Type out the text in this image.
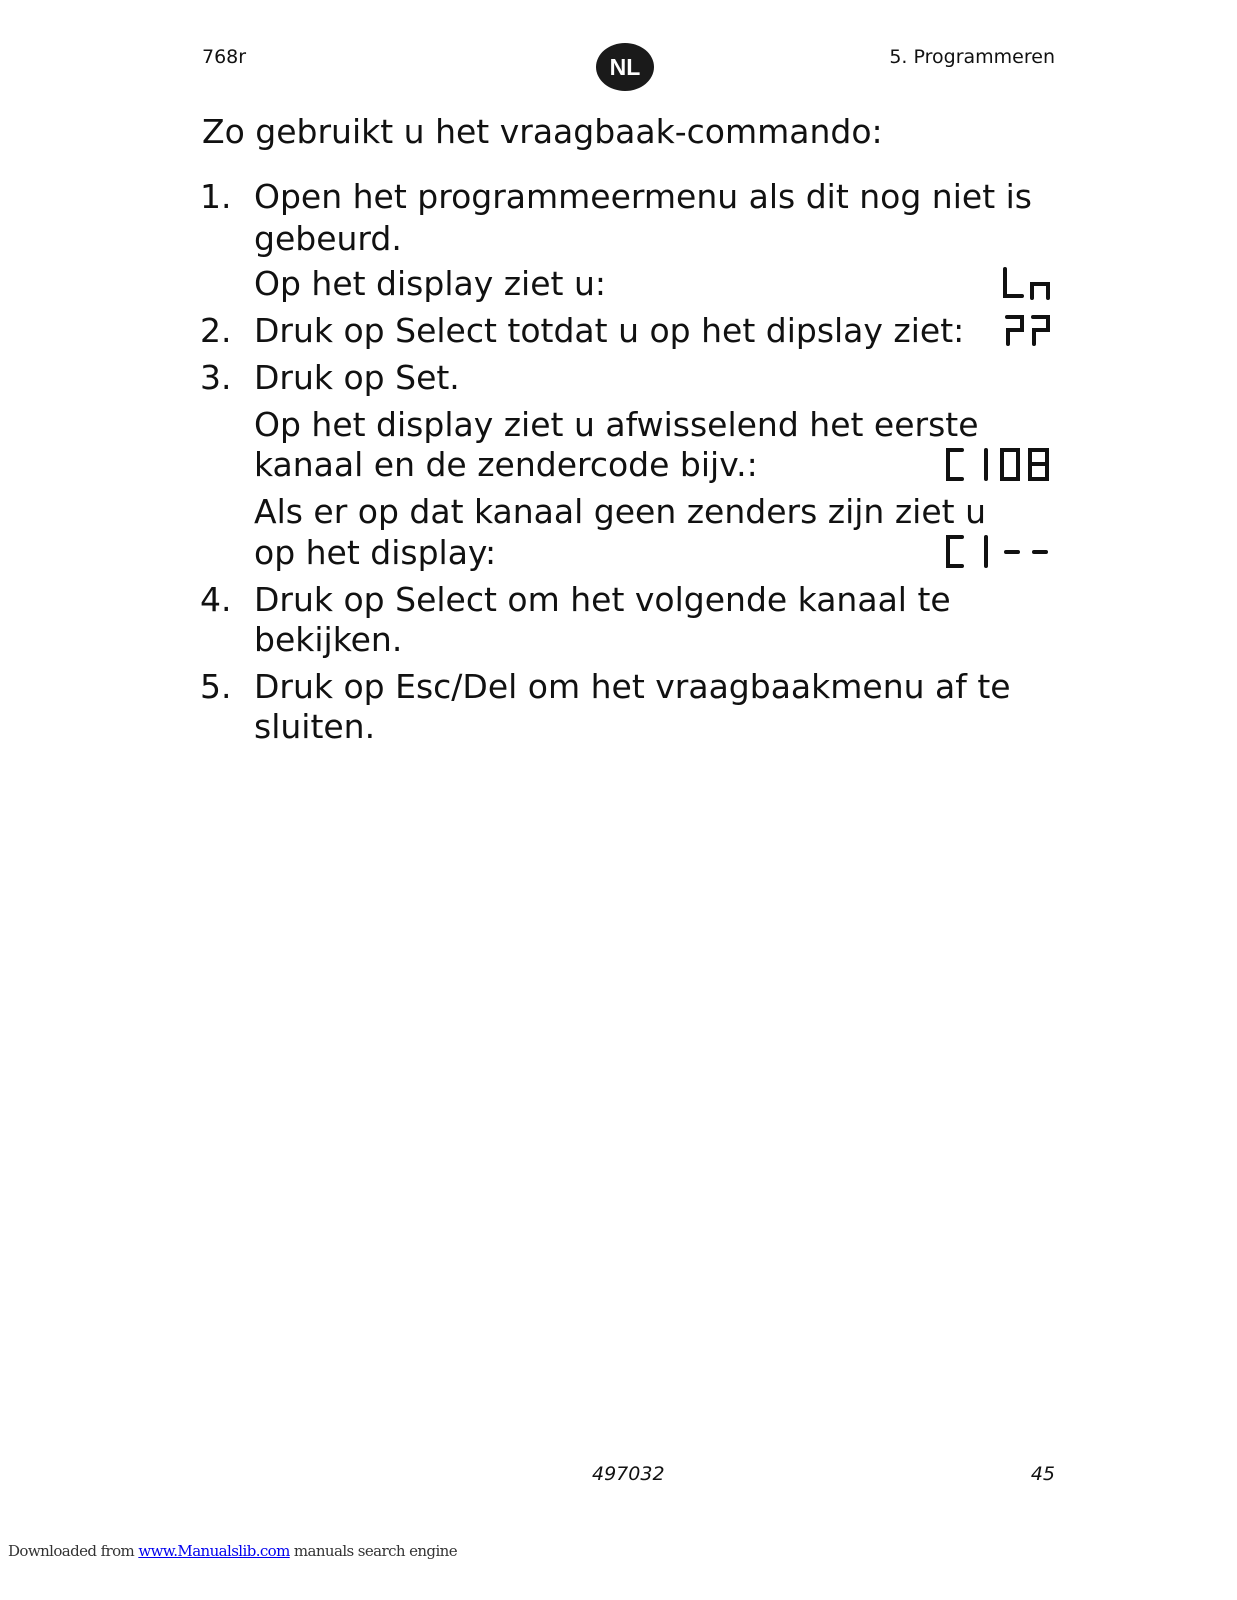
768r	NL	5. Programmeren
Zo gebruikt u het vraagbaak-commando:
1. Open het programmeermenu als dit nog niet is
gebeurd.
Op het display ziet u:
2. Druk op Select totdat u op het dipslay ziet:
3. Druk op Set.
Op het display ziet u afwisselend het eerste
kanaal en de zendercode bijv.:
Als er op dat kanaal geen zenders zijn ziet u
op het display:
4. Druk op Select om het volgende kanaal te
bekijken.
5. Druk op Esc/Del om het vraagbaakmenu af te
sluiten.
497032	45
Downloaded from www.Manualslib.com manuals search engine
